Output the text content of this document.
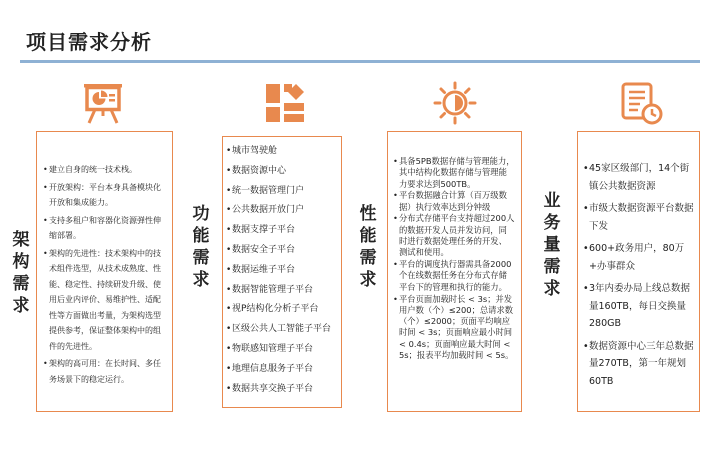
项目需求分析
架
构
需
求
• 建立自身的统一技术栈。
• 开放架构：平台本身具备模块化开放和集成能力。
• 支持多租户和容器化资源弹性伸缩部署。
• 架构的先进性：技术架构中的技术组件选型，从技术成熟度、性能、稳定性、持续研发升级、使用后业内评价、易维护性、适配性等方面做出考量，为架构选型提供参考，保证整体架构中的组件的先进性。
• 架构的高可用：在长时间、多任务场景下的稳定运行。
功
能
需
求
• 城市驾驶舱
• 数据资源中心
• 统一数据管理门户
• 公共数据开放门户
• 数据支撑子平台
• 数据安全子平台
• 数据运维子平台
• 数据智能管理子平台
• 视P结构化分析子平台
• 区级公共人工智能子平台
• 物联感知管理子平台
• 地理信息服务子平台
• 数据共享交换子平台
性
能
需
求
• 具备5PB数据存储与管理能力，其中结构化数据存储与管理能力要求达到500TB。
• 平台数据融合计算（百万级数据）执行效率达到分钟级
• 分布式存储平台支持超过200人的数据开发人员并发访问，同时进行数据处理任务的开发、测试和使用。
• 平台的调度执行器需具备2000个在线数据任务在分布式存储平台下的管理和执行的能力。
• 平台页面加载时长 < 3s；并发用户数（个）≤200；总请求数（个）≤2000；页面平均响应时间 < 3s；页面响应最小时间 < 0.4s；页面响应最大时间 < 5s；报表平均加载时间 < 5s。
业
务
量
需
求
• 45家区级部门，14个街镇公共数据资源
• 市级大数据资源平台数据下发
• 600+政务用户，80万+办事群众
• 3年内委办局上线总数据量160TB，每日交换量280GB
• 数据资源中心三年总数据量270TB，第一年规划60TB
